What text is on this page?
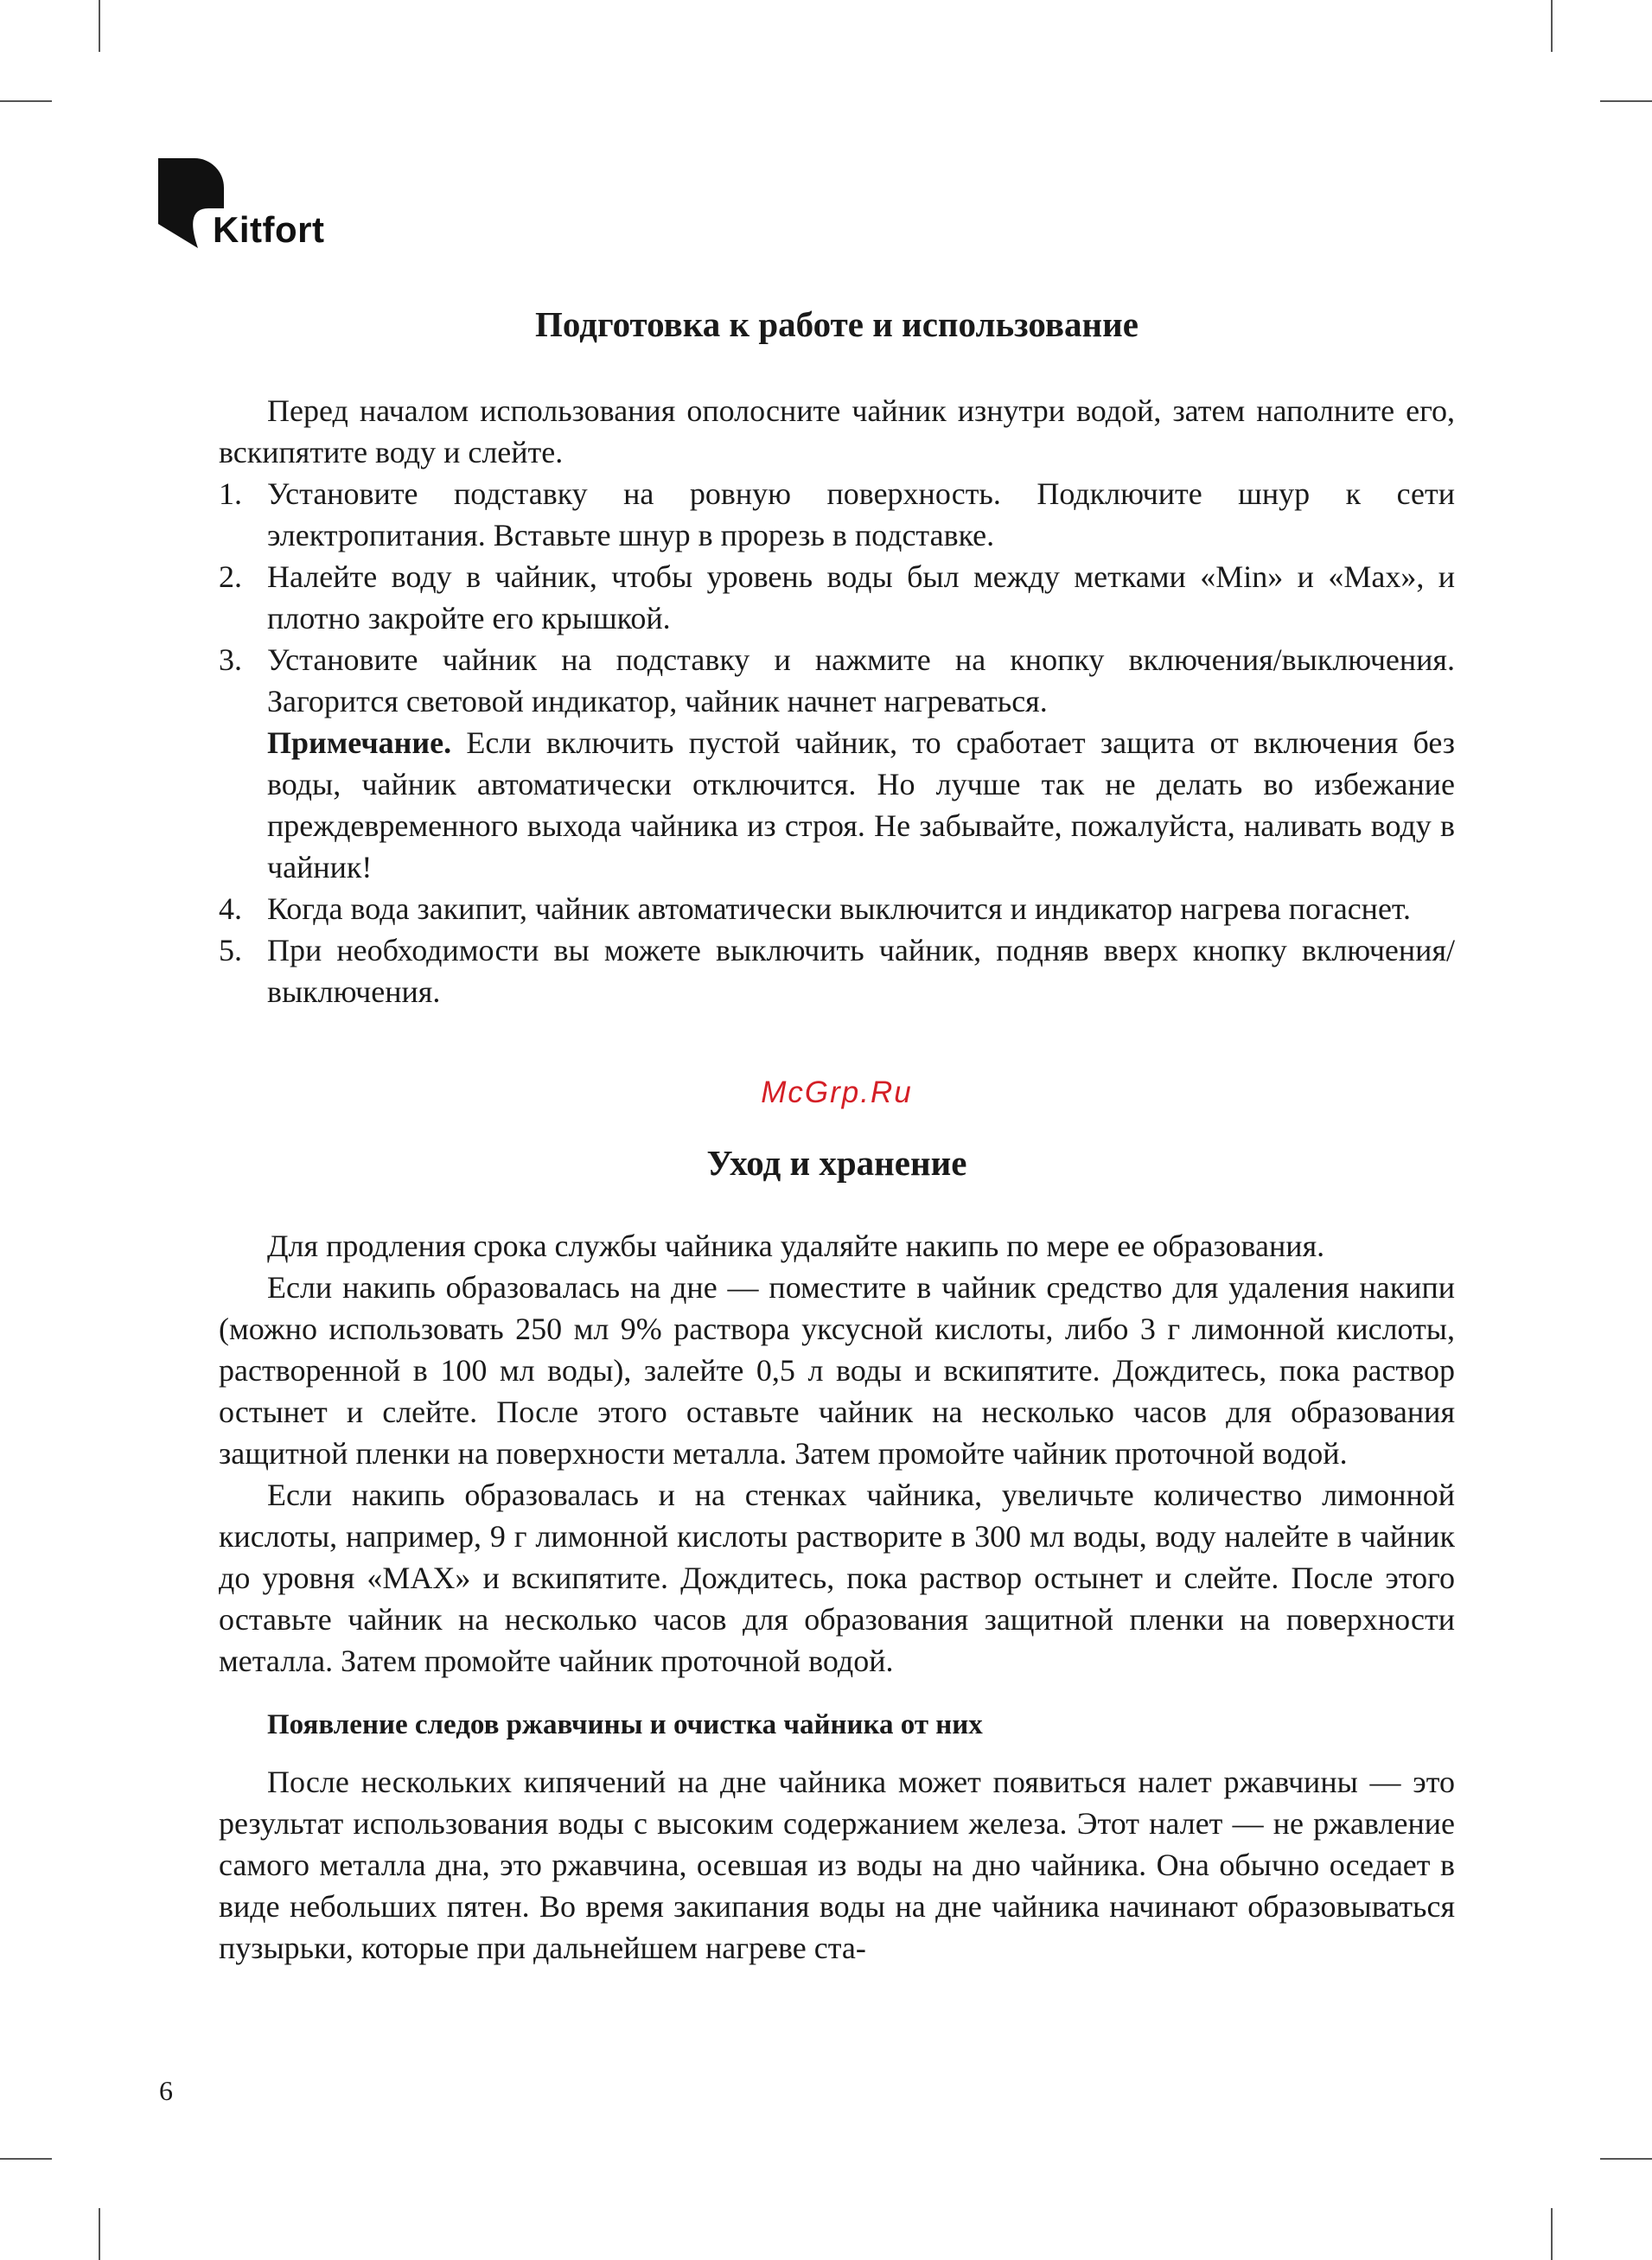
Kitfort
Подготовка к работе и использование

Перед началом использования ополосните чайник изнутри водой, затем наполните его, вскипятите воду и слейте.

1. Установите подставку на ровную поверхность. Подключите шнур к сети электропитания. Вставьте шнур в прорезь в подставке.
2. Налейте воду в чайник, чтобы уровень воды был между метками «Min» и «Max», и плотно закройте его крышкой.
3. Установите чайник на подставку и нажмите на кнопку включения/выключения. Загорится световой индикатор, чайник начнет нагреваться.
Примечание. Если включить пустой чайник, то сработает защита от включения без воды, чайник автоматически отключится. Но лучше так не делать во избежание преждевременного выхода чайника из строя. Не забывайте, пожалуйста, наливать воду в чайник!
4. Когда вода закипит, чайник автоматически выключится и индикатор нагрева погаснет.
5. При необходимости вы можете выключить чайник, подняв вверх кнопку включения/выключения.

McGrp.Ru

Уход и хранение

Для продления срока службы чайника удаляйте накипь по мере ее образования.

Если накипь образовалась на дне — поместите в чайник средство для удаления накипи (можно использовать 250 мл 9% раствора уксусной кислоты, либо 3 г лимонной кислоты, растворенной в 100 мл воды), залейте 0,5 л воды и вскипятите. Дождитесь, пока раствор остынет и слейте. После этого оставьте чайник на несколько часов для образования защитной пленки на поверхности металла. Затем промойте чайник проточной водой.

Если накипь образовалась и на стенках чайника, увеличьте количество лимонной кислоты, например, 9 г лимонной кислоты растворите в 300 мл воды, воду налейте в чайник до уровня «MAX» и вскипятите. Дождитесь, пока раствор остынет и слейте. После этого оставьте чайник на несколько часов для образования защитной пленки на поверхности металла. Затем промойте чайник проточной водой.

Появление следов ржавчины и очистка чайника от них

После нескольких кипячений на дне чайника может появиться налет ржавчины — это результат использования воды с высоким содержанием железа. Этот налет — не ржавление самого металла дна, это ржавчина, осевшая из воды на дно чайника. Она обычно оседает в виде небольших пятен. Во время закипания воды на дне чайника начинают образовываться пузырьки, которые при дальнейшем нагреве ста-

6
